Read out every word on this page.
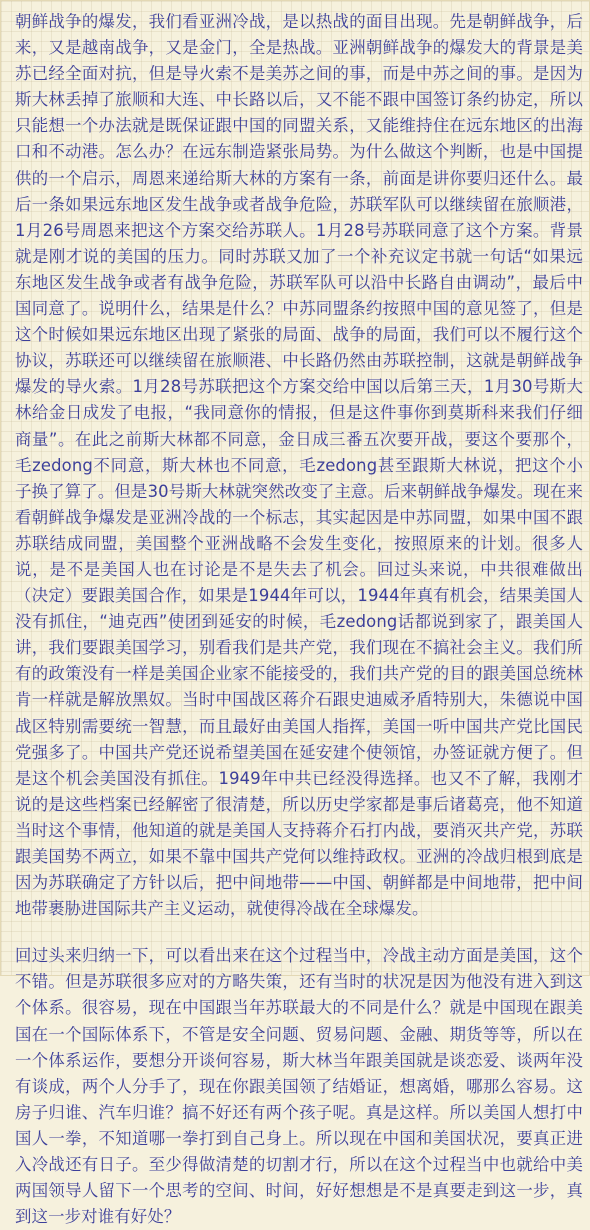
朝鲜战争的爆发，我们看亚洲冷战，是以热战的面目出现。先是朝鲜战争，后来，又是越南战争，又是金门，全是热战。亚洲朝鲜战争的爆发大的背景是美苏已经全面对抗，但是导火索不是美苏之间的事，而是中苏之间的事。是因为斯大林丢掉了旅顺和大连、中长路以后，又不能不跟中国签订条约协定，所以只能想一个办法就是既保证跟中国的同盟关系，又能维持住在远东地区的出海口和不动港。怎么办？在远东制造紧张局势。为什么做这个判断，也是中国提供的一个启示，周恩来递给斯大林的方案有一条，前面是讲你要归还什么。最后一条如果远东地区发生战争或者战争危险，苏联军队可以继续留在旅顺港，1月26号周恩来把这个方案交给苏联人。1月28号苏联同意了这个方案。背景就是刚才说的美国的压力。同时苏联又加了一个补充议定书就一句话“如果远东地区发生战争或者有战争危险，苏联军队可以沿中长路自由调动”，最后中国同意了。说明什么，结果是什么？中苏同盟条约按照中国的意见签了，但是这个时候如果远东地区出现了紧张的局面、战争的局面，我们可以不履行这个协议，苏联还可以继续留在旅顺港、中长路仍然由苏联控制，这就是朝鲜战争爆发的导火索。1月28号苏联把这个方案交给中国以后第三天，1月30号斯大林给金日成发了电报，“我同意你的情报，但是这件事你到莫斯科来我们仔细商量”。在此之前斯大林都不同意，金日成三番五次要开战，要这个要那个，毛zedong不同意，斯大林也不同意，毛zedong甚至跟斯大林说，把这个小子换了算了。但是30号斯大林就突然改变了主意。后来朝鲜战争爆发。现在来看朝鲜战争爆发是亚洲冷战的一个标志，其实起因是中苏同盟，如果中国不跟苏联结成同盟，美国整个亚洲战略不会发生变化，按照原来的计划。很多人说，是不是美国人也在讨论是不是失去了机会。回过头来说，中共很难做出（决定）要跟美国合作，如果是1944年可以，1944年真有机会，结果美国人没有抓住，“迪克西”使团到延安的时候，毛zedong话都说到家了，跟美国人讲，我们要跟美国学习，别看我们是共产党，我们现在不搞社会主义。我们所有的政策没有一样是美国企业家不能接受的，我们共产党的目的跟美国总统林肯一样就是解放黑奴。当时中国战区蒋介石跟史迪威矛盾特别大，朱德说中国战区特别需要统一智慧，而且最好由美国人指挥，美国一听中国共产党比国民党强多了。中国共产党还说希望美国在延安建个使领馆，办签证就方便了。但是这个机会美国没有抓住。1949年中共已经没得选择。也又不了解，我刚才说的是这些档案已经解密了很清楚，所以历史学家都是事后诸葛亮，他不知道当时这个事情，他知道的就是美国人支持蒋介石打内战，要消灭共产党，苏联跟美国势不两立，如果不靠中国共产党何以维持政权。亚洲的冷战归根到底是因为苏联确定了方针以后，把中间地带——中国、朝鲜都是中间地带，把中间地带裹胁进国际共产主义运动，就使得冷战在全球爆发。

回过头来归纳一下，可以看出来在这个过程当中，冷战主动方面是美国，这个不错。但是苏联很多应对的方略失策，还有当时的状况是因为他没有进入到这个体系。很容易，现在中国跟当年苏联最大的不同是什么？就是中国现在跟美国在一个国际体系下，不管是安全问题、贸易问题、金融、期货等等，所以在一个体系运作，要想分开谈何容易，斯大林当年跟美国就是谈恋爱、谈两年没有谈成，两个人分手了，现在你跟美国领了结婚证，想离婚，哪那么容易。这房子归谁、汽车归谁？搞不好还有两个孩子呢。真是这样。所以美国人想打中国人一拳，不知道哪一拳打到自己身上。所以现在中国和美国状况，要真正进入冷战还有日子。至少得做清楚的切割才行，所以在这个过程当中也就给中美两国领导人留下一个思考的空间、时间，好好想想是不是真要走到这一步，真到这一步对谁有好处？
